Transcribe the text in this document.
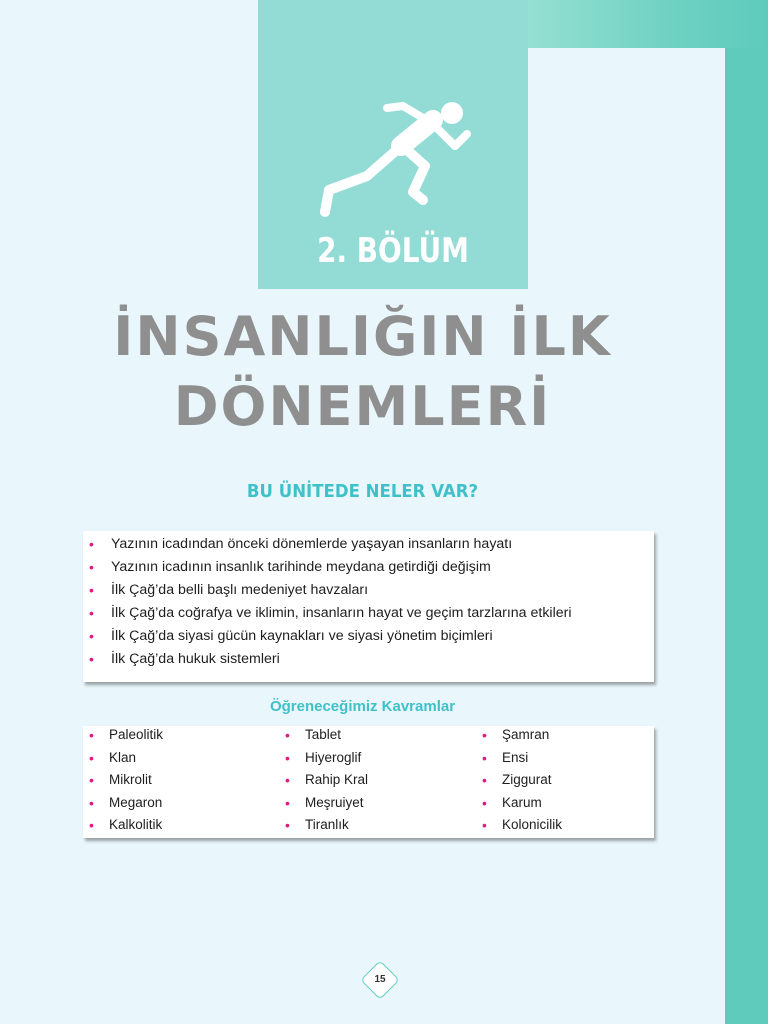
2. BÖLÜM
İNSANLIĞIN İLK
DÖNEMLERİ
BU ÜNİTEDE NELER VAR?
• Yazının icadından önceki dönemlerde yaşayan insanların hayatı
• Yazının icadının insanlık tarihinde meydana getirdiği değişim
• İlk Çağ’da belli başlı medeniyet havzaları
• İlk Çağ’da coğrafya ve iklimin, insanların hayat ve geçim tarzlarına etkileri
• İlk Çağ’da siyasi gücün kaynakları ve siyasi yönetim biçimleri
• İlk Çağ’da hukuk sistemleri
Öğreneceğimiz Kavramlar
• Paleolitik
• Klan
• Mikrolit
• Megaron
• Kalkolitik
• Tablet
• Hiyeroglif
• Rahip Kral
• Meşruiyet
• Tiranlık
• Şamran
• Ensi
• Ziggurat
• Karum
• Kolonicilik
15
